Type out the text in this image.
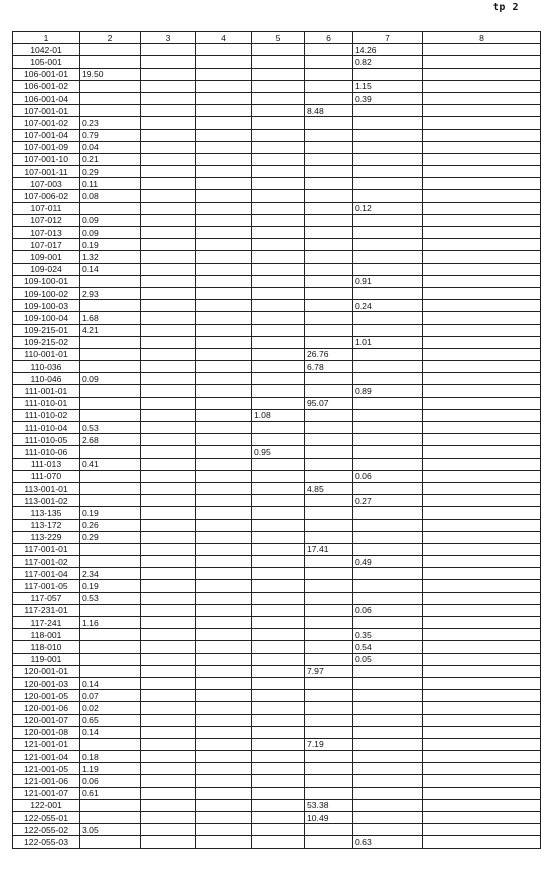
tp 2
1	2	3	4	5	6	7	8
1042-01						14.26	
105-001						0.82	
106-001-01	19.50						
106-001-02						1.15	
106-001-04						0.39	
107-001-01					8.48		
107-001-02	0.23						
107-001-04	0.79						
107-001-09	0.04						
107-001-10	0.21						
107-001-11	0.29						
107-003	0.11						
107-006-02	0.08						
107-011						0.12	
107-012	0.09						
107-013	0.09						
107-017	0.19						
109-001	1.32						
109-024	0.14						
109-100-01						0.91	
109-100-02	2.93						
109-100-03						0.24	
109-100-04	1.68						
109-215-01	4.21						
109-215-02						1.01	
110-001-01					26.76		
110-036					6.78		
110-046	0.09						
111-001-01						0.89	
111-010-01					95.07		
111-010-02				1.08			
111-010-04	0.53						
111-010-05	2.68						
111-010-06				0.95			
111-013	0.41						
111-070						0.06	
113-001-01					4.85		
113-001-02						0.27	
113-135	0.19						
113-172	0.26						
113-229	0.29						
117-001-01					17.41		
117-001-02						0.49	
117-001-04	2.34						
117-001-05	0.19						
117-057	0.53						
117-231-01						0.06	
117-241	1.16						
118-001						0.35	
118-010						0.54	
119-001						0.05	
120-001-01					7.97		
120-001-03	0.14						
120-001-05	0.07						
120-001-06	0.02						
120-001-07	0.65						
120-001-08	0.14						
121-001-01					7.19		
121-001-04	0.18						
121-001-05	1.19						
121-001-06	0.06						
121-001-07	0.61						
122-001					53.38		
122-055-01					10.49		
122-055-02	3.05						
122-055-03						0.63	
